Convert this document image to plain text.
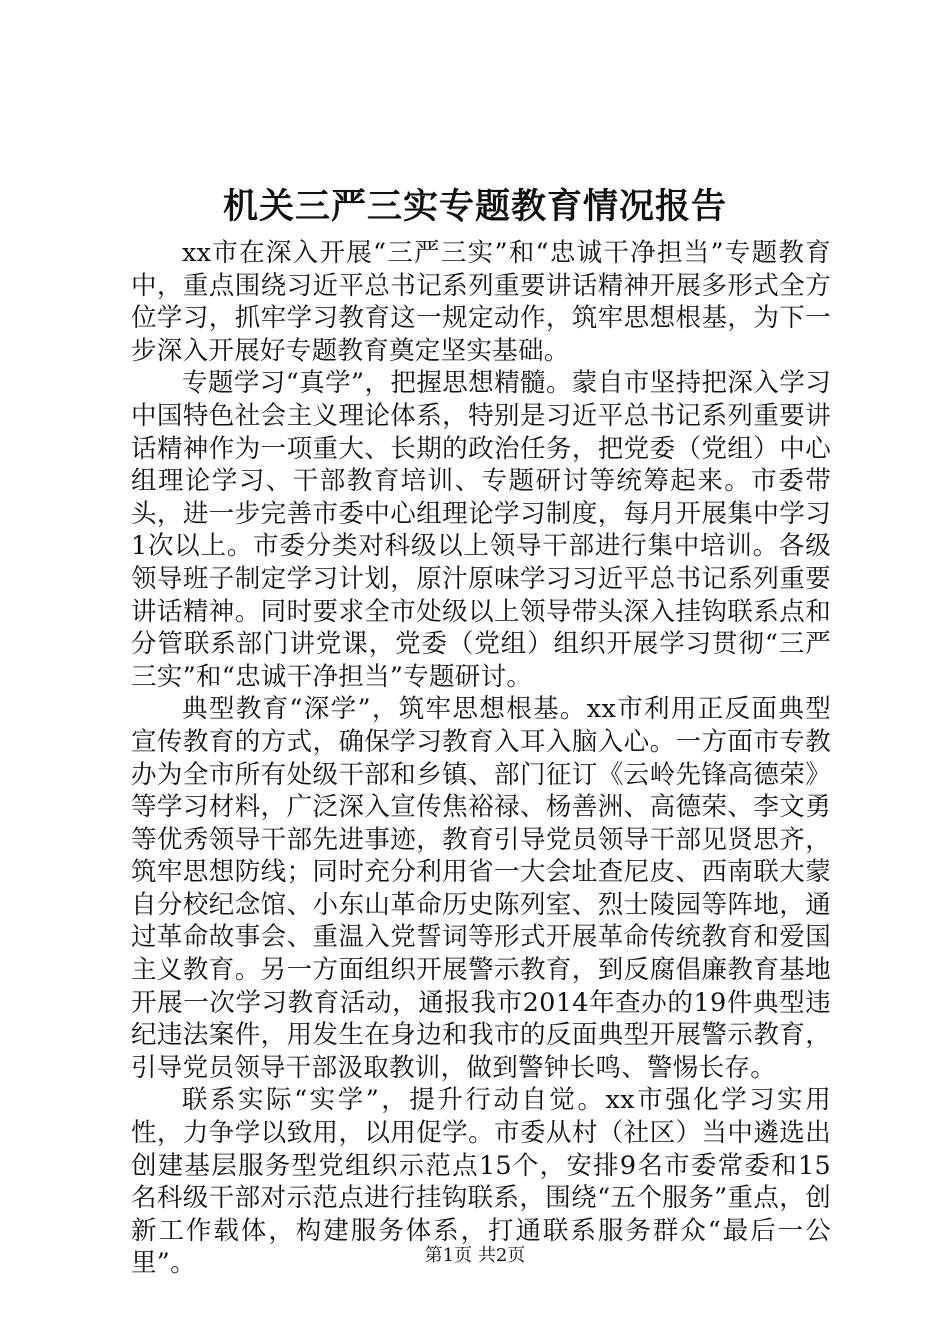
机关三严三实专题教育情况报告

xx市在深入开展“三严三实”和“忠诚干净担当”专题教育中，重点围绕习近平总书记系列重要讲话精神开展多形式全方位学习，抓牢学习教育这一规定动作，筑牢思想根基，为下一步深入开展好专题教育奠定坚实基础。

专题学习“真学”，把握思想精髓。蒙自市坚持把深入学习中国特色社会主义理论体系，特别是习近平总书记系列重要讲话精神作为一项重大、长期的政治任务，把党委（党组）中心组理论学习、干部教育培训、专题研讨等统筹起来。市委带头，进一步完善市委中心组理论学习制度，每月开展集中学习1次以上。市委分类对科级以上领导干部进行集中培训。各级领导班子制定学习计划，原汁原味学习习近平总书记系列重要讲话精神。同时要求全市处级以上领导带头深入挂钩联系点和分管联系部门讲党课，党委（党组）组织开展学习贯彻“三严三实”和“忠诚干净担当”专题研讨。

典型教育“深学”，筑牢思想根基。xx市利用正反面典型宣传教育的方式，确保学习教育入耳入脑入心。一方面市专教办为全市所有处级干部和乡镇、部门征订《云岭先锋高德荣》等学习材料，广泛深入宣传焦裕禄、杨善洲、高德荣、李文勇等优秀领导干部先进事迹，教育引导党员领导干部见贤思齐，筑牢思想防线；同时充分利用省一大会址查尼皮、西南联大蒙自分校纪念馆、小东山革命历史陈列室、烈士陵园等阵地，通过革命故事会、重温入党誓词等形式开展革命传统教育和爱国主义教育。另一方面组织开展警示教育，到反腐倡廉教育基地开展一次学习教育活动，通报我市2014年查办的19件典型违纪违法案件，用发生在身边和我市的反面典型开展警示教育，引导党员领导干部汲取教训，做到警钟长鸣、警惕长存。

联系实际“实学”，提升行动自觉。xx市强化学习实用性，力争学以致用，以用促学。市委从村（社区）当中遴选出创建基层服务型党组织示范点15个，安排9名市委常委和15名科级干部对示范点进行挂钩联系，围绕“五个服务”重点，创新工作载体，构建服务体系，打通联系服务群众“最后一公里”。	第1页 共2页
